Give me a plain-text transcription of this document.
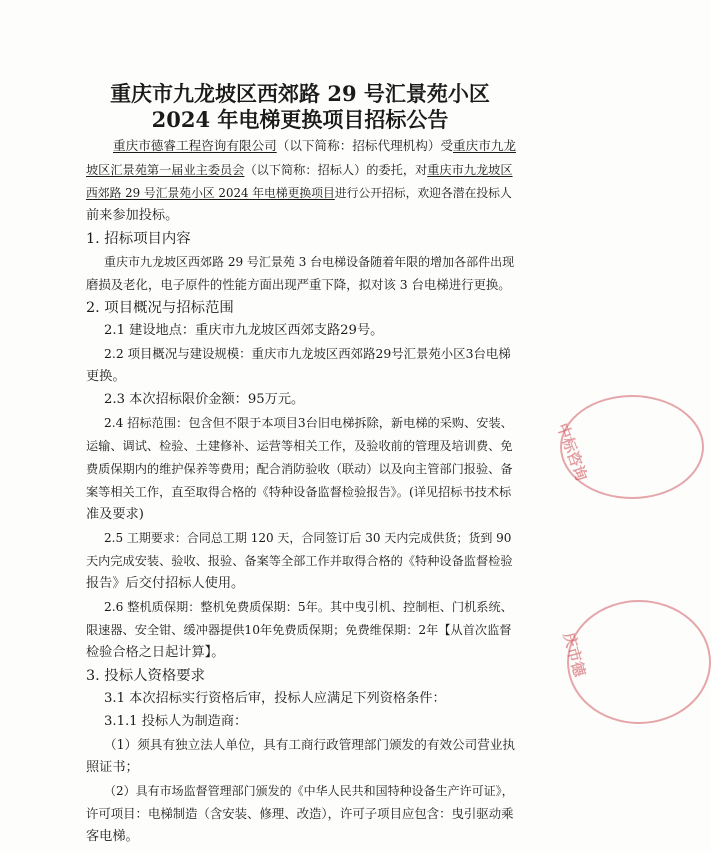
重庆市九龙坡区西郊路 29 号汇景苑小区
2024 年电梯更换项目招标公告
重庆市德睿工程咨询有限公司（以下简称：招标代理机构）受重庆市九龙
坡区汇景苑第一届业主委员会（以下简称：招标人）的委托，对重庆市九龙坡区
西郊路 29 号汇景苑小区 2024 年电梯更换项目进行公开招标，欢迎各潜在投标人
前来参加投标。
1. 招标项目内容
重庆市九龙坡区西郊路 29 号汇景苑 3 台电梯设备随着年限的增加各部件出现
磨损及老化，电子原件的性能方面出现严重下降，拟对该 3 台电梯进行更换。
2. 项目概况与招标范围
2.1 建设地点：重庆市九龙坡区西郊支路29号。
2.2 项目概况与建设规模：重庆市九龙坡区西郊路29号汇景苑小区3台电梯
更换。
2.3 本次招标限价金额：95万元。
2.4 招标范围：包含但不限于本项目3台旧电梯拆除，新电梯的采购、安装、
运输、调试、检验、土建修补、运营等相关工作，及验收前的管理及培训费、免
费质保期内的维护保养等费用；配合消防验收（联动）以及向主管部门报验、备
案等相关工作，直至取得合格的《特种设备监督检验报告》。(详见招标书技术标
准及要求)
2.5 工期要求：合同总工期 120 天，合同签订后 30 天内完成供货；货到 90
天内完成安装、验收、报验、备案等全部工作并取得合格的《特种设备监督检验
报告》后交付招标人使用。
2.6 整机质保期：整机免费质保期：5年。其中曳引机、控制柜、门机系统、
限速器、安全钳、缓冲器提供10年免费质保期；免费维保期：2年【从首次监督
检验合格之日起计算】。
3. 投标人资格要求
3.1 本次招标实行资格后审，投标人应满足下列资格条件：
3.1.1 投标人为制造商：
（1）须具有独立法人单位，具有工商行政管理部门颁发的有效公司营业执
照证书；
（2）具有市场监督管理部门颁发的《中华人民共和国特种设备生产许可证》，
许可项目：电梯制造（含安装、修理、改造），许可子项目应包含：曳引驱动乘
客电梯。
中标咨询
庆市德
